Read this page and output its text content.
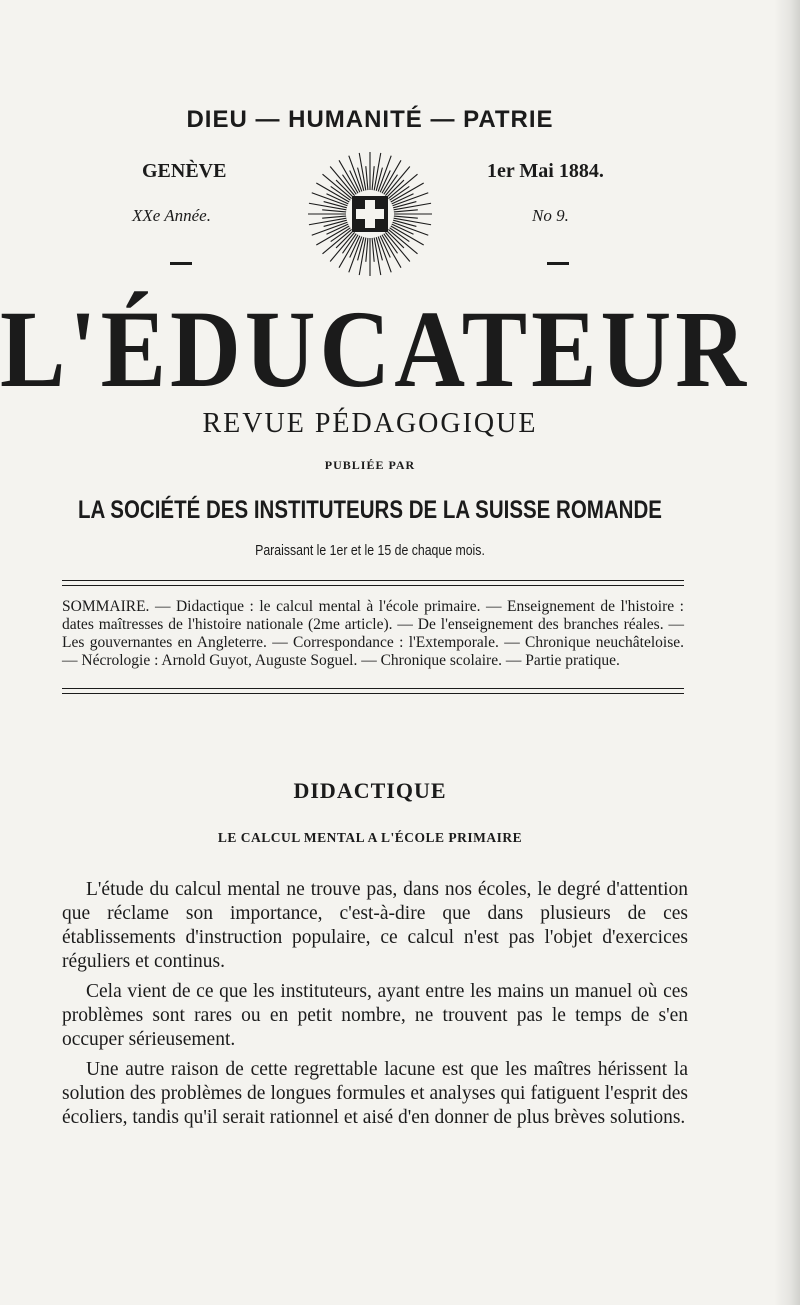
DIEU — HUMANITÉ — PATRIE
GENÈVE	1er Mai 1884.
XXe Année.	No 9.
L'ÉDUCATEUR
REVUE PÉDAGOGIQUE
PUBLIÉE PAR
LA SOCIÉTÉ DES INSTITUTEURS DE LA SUISSE ROMANDE
Paraissant le 1er et le 15 de chaque mois.
SOMMAIRE. — Didactique : le calcul mental à l'école primaire. — Enseignement de l'histoire : dates maîtresses de l'histoire nationale (2me article). — De l'enseignement des branches réales. — Les gouvernantes en Angleterre. — Correspondance : l'Extemporale. — Chronique neuchâteloise. — Nécrologie : Arnold Guyot, Auguste Soguel. — Chronique scolaire. — Partie pratique.
DIDACTIQUE
LE CALCUL MENTAL A L'ÉCOLE PRIMAIRE

L'étude du calcul mental ne trouve pas, dans nos écoles, le degré d'attention que réclame son importance, c'est-à-dire que dans plusieurs de ces établissements d'instruction populaire, ce calcul n'est pas l'objet d'exercices réguliers et continus.

Cela vient de ce que les instituteurs, ayant entre les mains un manuel où ces problèmes sont rares ou en petit nombre, ne trouvent pas le temps de s'en occuper sérieusement.

Une autre raison de cette regrettable lacune est que les maîtres hérissent la solution des problèmes de longues formules et analyses qui fatiguent l'esprit des écoliers, tandis qu'il serait rationnel et aisé d'en donner de plus brèves solutions.
